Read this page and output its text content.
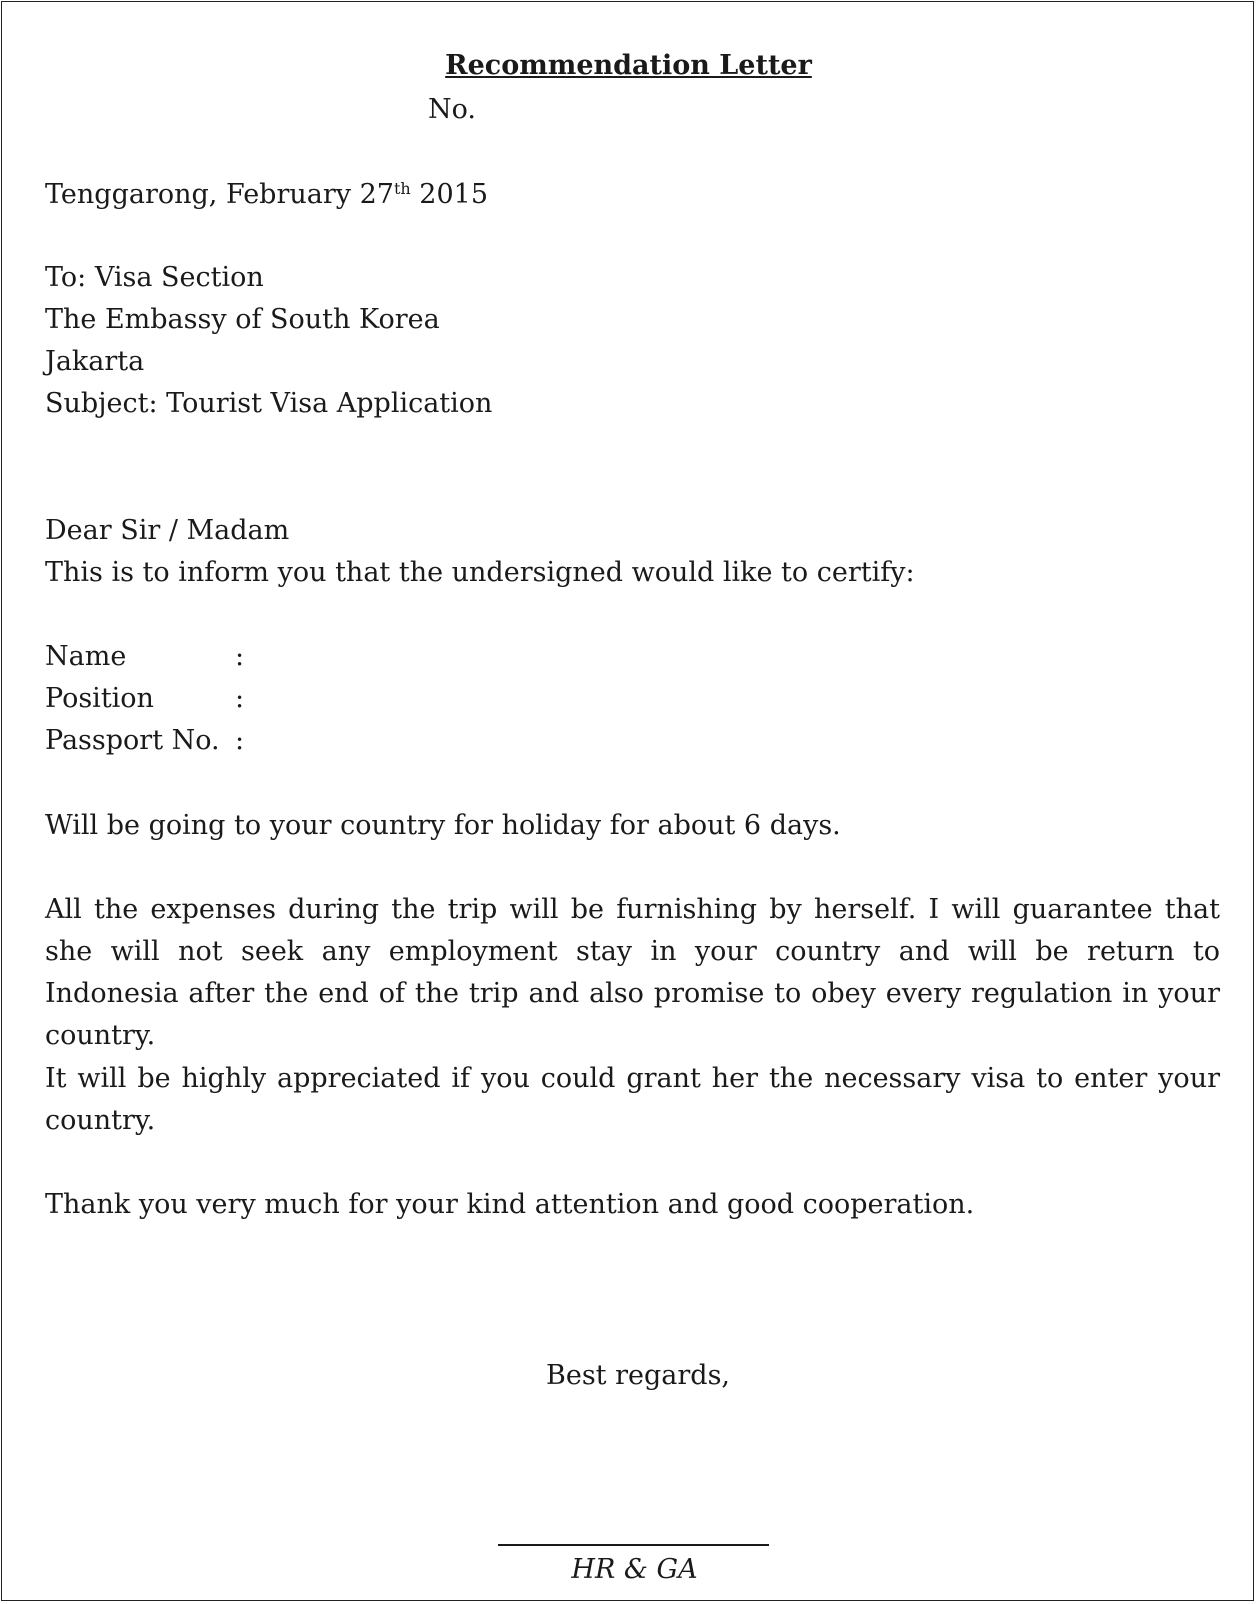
Recommendation Letter
No.
Tenggarong, February 27th 2015
To: Visa Section
The Embassy of South Korea
Jakarta
Subject: Tourist Visa Application
Dear Sir / Madam
This is to inform you that the undersigned would like to certify:
Name	:
Position	:
Passport No. :
Will be going to your country for holiday for about 6 days.
All the expenses during the trip will be furnishing by herself. I will guarantee that she will not seek any employment stay in your country and will be return to Indonesia after the end of the trip and also promise to obey every regulation in your country.
It will be highly appreciated if you could grant her the necessary visa to enter your country.
Thank you very much for your kind attention and good cooperation.
Best regards,
HR & GA
